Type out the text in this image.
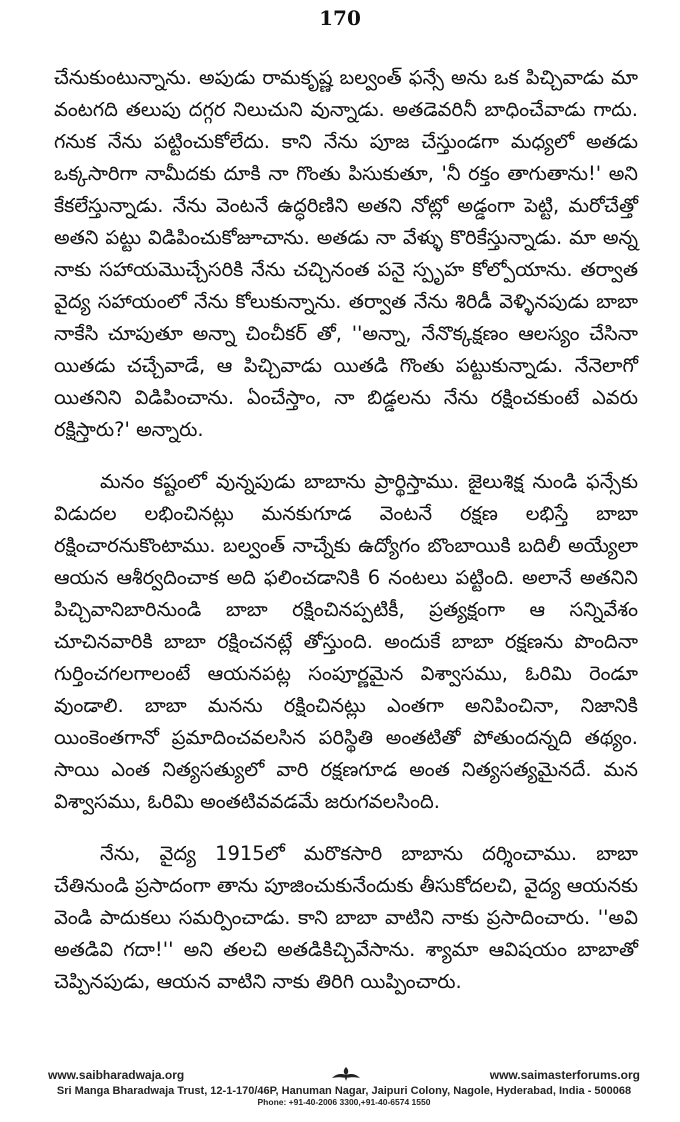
170

చేనుకుంటున్నాను. అపుడు రామకృష్ణ బల్వంత్ ఫన్సే అను ఒక పిచ్చివాడు మా వంటగది తలుపు దగ్గర నిలుచుని వున్నాడు. అతడెవరినీ బాధించేవాడు గాదు. గనుక నేను పట్టించుకోలేదు. కాని నేను పూజ చేస్తుండగా మధ్యలో అతడు ఒక్కసారిగా నామీదకు దూకి నా గొంతు పిసుకుతూ, 'నీ రక్తం తాగుతాను!' అని కేకలేస్తున్నాడు. నేను వెంటనే ఉద్ధరిణిని అతని నోట్లో అడ్డంగా పెట్టి, మరోచేత్తో అతని పట్టు విడిపించుకోజూచాను. అతడు నా వేళ్ళు కొరికేస్తున్నాడు. మా అన్న నాకు సహాయమొచ్చేసరికి నేను చచ్చినంత పనై స్పృహ కోల్పోయాను. తర్వాత వైద్య సహాయంలో నేను కోలుకున్నాను. తర్వాత నేను శిరిడీ వెళ్ళినపుడు బాబా నాకేసి చూపుతూ అన్నా చించీకర్ తో, ''అన్నా, నేనొక్కక్షణం ఆలస్యం చేసినా యితడు చచ్చేవాడే, ఆ పిచ్చివాడు యితడి గొంతు పట్టుకున్నాడు. నేనెలాగో యితనిని విడిపించాను. ఏంచేస్తాం, నా బిడ్డలను నేను రక్షించకుంటే ఎవరు రక్షిస్తారు?' అన్నారు.

మనం కష్టంలో వున్నపుడు బాబాను ప్రార్థిస్తాము. జైలుశిక్ష నుండి ఫన్సేకు విడుదల లభించినట్లు మనకుగూడ వెంటనే రక్షణ లభిస్తే బాబా రక్షించారనుకొంటాము. బల్వంత్ నాచ్నేకు ఉద్యోగం బొంబాయికి బదిలీ అయ్యేలా ఆయన ఆశీర్వదించాక అది ఫలించడానికి 6 నంటలు పట్టింది. అలానే అతనిని పిచ్చివానిబారినుండి బాబా రక్షించినప్పటికీ, ప్రత్యక్షంగా ఆ సన్నివేశం చూచినవారికి బాబా రక్షించనట్లే తోస్తుంది. అందుకే బాబా రక్షణను పొందినా గుర్తించగలగాలంటే ఆయనపట్ల సంపూర్ణమైన విశ్వాసము, ఓరిమి రెండూ వుండాలి. బాబా మనను రక్షించినట్లు ఎంతగా అనిపించినా, నిజానికి యింకెంతగానో ప్రమాదించవలసిన పరిస్థితి అంతటితో పోతుందన్నది తథ్యం. సాయి ఎంత నిత్యసత్యులో వారి రక్షణగూడ అంత నిత్యసత్యమైనదే. మన విశ్వాసము, ఓరిమి అంతటివవడమే జరుగవలసింది.

నేను, వైద్య 1915లో మరొకసారి బాబాను దర్శించాము. బాబా చేతినుండి ప్రసాదంగా తాను పూజించుకునేందుకు తీసుకోదలచి, వైద్య ఆయనకు వెండి పాదుకలు సమర్పించాడు. కాని బాబా వాటిని నాకు ప్రసాదించారు. ''అవి అతడివి గదా!'' అని తలచి అతడికిచ్చివేసాను. శ్యామా ఆవిషయం బాబాతో చెప్పినపుడు, ఆయన వాటిని నాకు తిరిగి యిప్పించారు.

www.saibharadwaja.org	www.saimasterforums.org
Sri Manga Bharadwaja Trust, 12-1-170/46P, Hanuman Nagar, Jaipuri Colony, Nagole, Hyderabad, India - 500068
Phone: +91-40-2006 3300,+91-40-6574 1550
